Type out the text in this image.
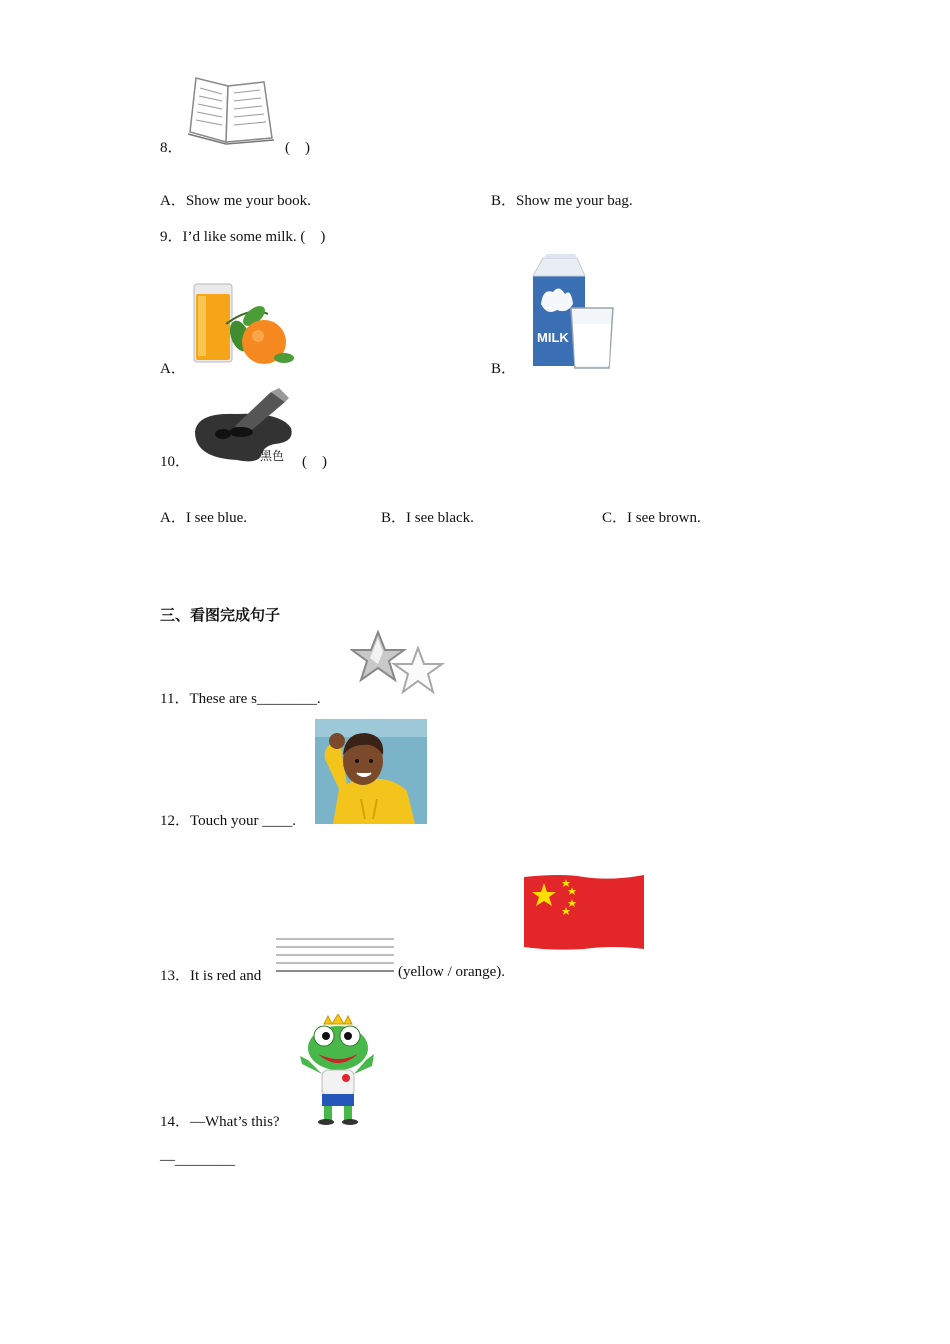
8．	(　)
A．Show me your book.	B．Show me your bag.
9．I’d like some milk. (　)
A．	B．
MILK
10．	黑色 (　)
A．I see blue.	B．I see black.	C．I see brown.
三、看图完成句子
11．These are s________.
12．Touch your ____.
13．It is red and	(yellow / orange).
14．—What’s this?
—________
